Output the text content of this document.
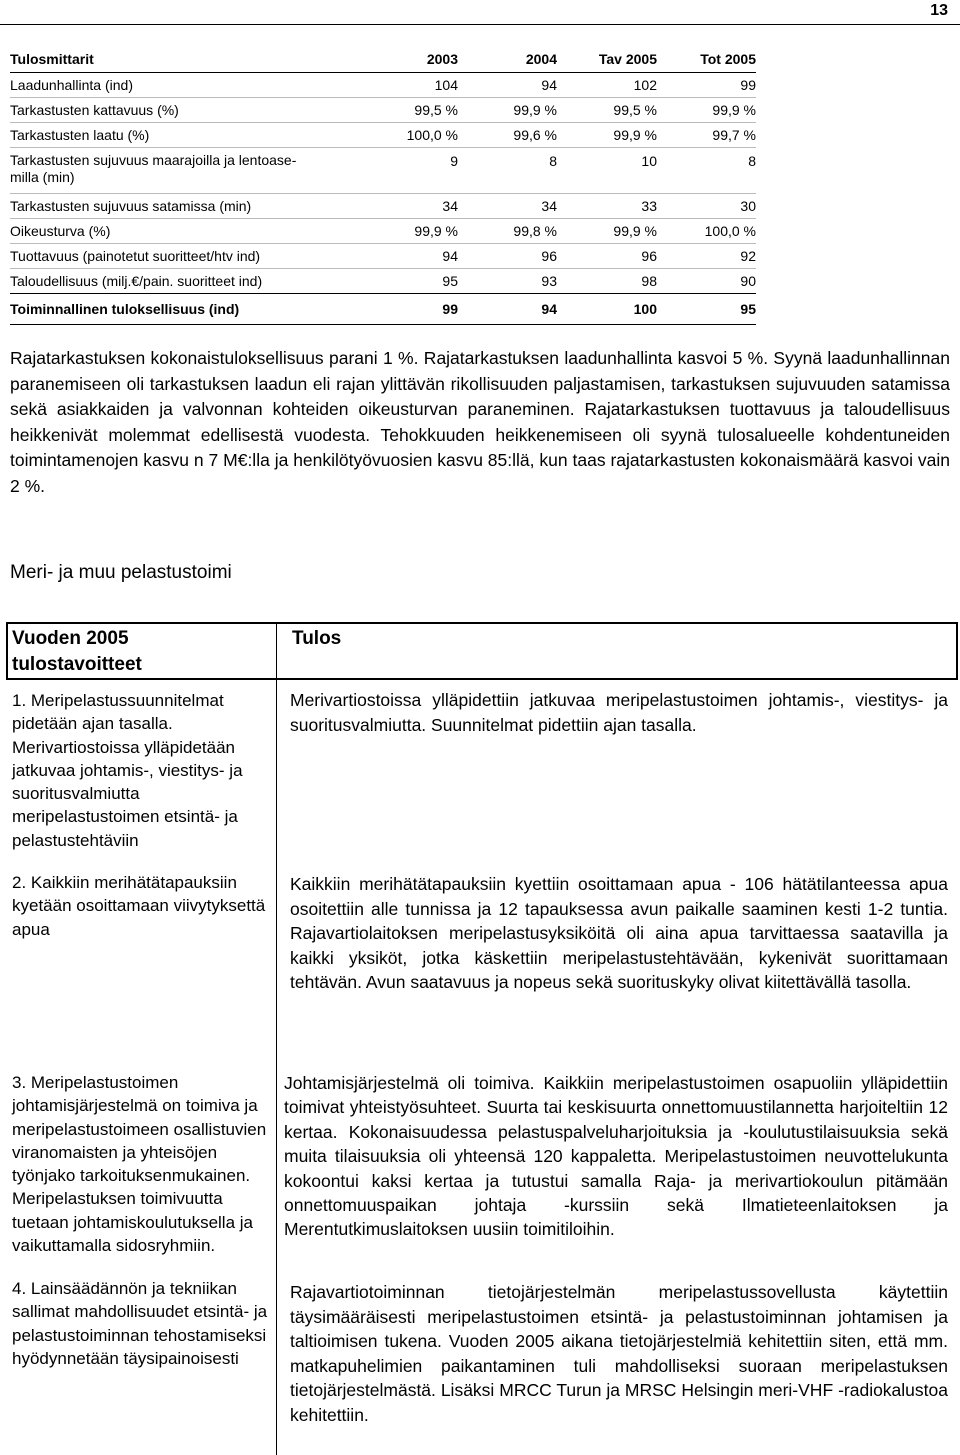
13
Tulosmittarit	2003	2004	Tav 2005	Tot 2005
Laadunhallinta (ind)	104	94	102	99
Tarkastusten kattavuus (%)	99,5 %	99,9 %	99,5 %	99,9 %
Tarkastusten laatu (%)	100,0 %	99,6 %	99,9 %	99,7 %
Tarkastusten sujuvuus maarajoilla ja lentoase-
milla (min)	9	8	10	8
Tarkastusten sujuvuus satamissa (min)	34	34	33	30
Oikeusturva (%)	99,9 %	99,8 %	99,9 %	100,0 %
Tuottavuus (painotetut suoritteet/htv ind)	94	96	96	92
Taloudellisuus (milj.€/pain. suoritteet ind)	95	93	98	90
Toiminnallinen tuloksellisuus (ind)	99	94	100	95

Rajatarkastuksen kokonaistuloksellisuus parani 1 %. Rajatarkastuksen laadunhallinta kasvoi 5 %. Syynä laadunhallinnan paranemiseen oli tarkastuksen laadun eli rajan ylittävän rikollisuuden paljastamisen, tarkastuksen sujuvuuden satamissa sekä asiakkaiden ja valvonnan kohteiden oikeusturvan paraneminen. Rajatarkastuksen tuottavuus ja taloudellisuus heikkenivät molemmat edellisestä vuodesta. Tehokkuuden heikkenemiseen oli syynä tulosalueelle kohdentuneiden toimintamenojen kasvu n 7 M€:lla ja henkilötyövuosien kasvu 85:llä, kun taas rajatarkastusten kokonaismäärä kasvoi vain 2 %.

Meri- ja muu pelastustoimi
Vuoden 2005 tulostavoitteet
Tulos
1. Meripelastussuunnitelmat pidetään ajan tasalla. Merivartiostoissa ylläpidetään jatkuvaa johtamis-, viestitys- ja suoritusvalmiutta meripelastustoimen etsintä- ja pelastustehtäviin
Merivartiostoissa ylläpidettiin jatkuvaa meripelastustoimen johtamis-, viestitys- ja suoritusvalmiutta. Suunnitelmat pidettiin ajan tasalla.
2. Kaikkiin merihätätapauksiin kyetään osoittamaan viivytyksettä apua
Kaikkiin merihätätapauksiin kyettiin osoittamaan apua - 106 hätätilanteessa apua osoitettiin alle tunnissa ja 12 tapauksessa avun paikalle saaminen kesti 1-2 tuntia. Rajavartiolaitoksen meripelastusyksiköitä oli aina apua tarvittaessa saatavilla ja kaikki yksiköt, jotka käskettiin meripelastustehtävään, kykenivät suorittamaan tehtävän. Avun saatavuus ja nopeus sekä suorituskyky olivat kiitettävällä tasolla.
3. Meripelastustoimen johtamisjärjestelmä on toimiva ja meripelastustoimeen osallistuvien viranomaisten ja yhteisöjen työnjako tarkoituksenmukainen. Meripelastuksen toimivuutta tuetaan johtamiskoulutuksella ja vaikuttamalla sidosryhmiin.
Johtamisjärjestelmä oli toimiva. Kaikkiin meripelastustoimen osapuoliin ylläpidettiin toimivat yhteistyösuhteet. Suurta tai keskisuurta onnettomuustilannetta harjoiteltiin 12 kertaa. Kokonaisuudessa pelastuspalveluharjoituksia ja -koulutustilaisuuksia sekä muita tilaisuuksia oli yhteensä 120 kappaletta. Meripelastustoimen neuvottelukunta kokoontui kaksi kertaa ja tutustui samalla Raja- ja merivartiokoulun pitämään onnettomuuspaikan johtaja -kurssiin sekä Ilmatieteenlaitoksen ja Merentutkimuslaitoksen uusiin toimitiloihin.
4. Lainsäädännön ja tekniikan sallimat mahdollisuudet etsintä- ja pelastustoiminnan tehostamiseksi hyödynnetään täysipainoisesti
Rajavartiotoiminnan tietojärjestelmän meripelastussovellusta käytettiin täysimääräisesti meripelastustoimen etsintä- ja pelastustoiminnan johtamisen ja taltioimisen tukena. Vuoden 2005 aikana tietojärjestelmiä kehitettiin siten, että mm. matkapuhelimien paikantaminen tuli mahdolliseksi suoraan meripelastuksen tietojärjestelmästä. Lisäksi MRCC Turun ja MRSC Helsingin meri-VHF -radiokalustoa kehitettiin.
